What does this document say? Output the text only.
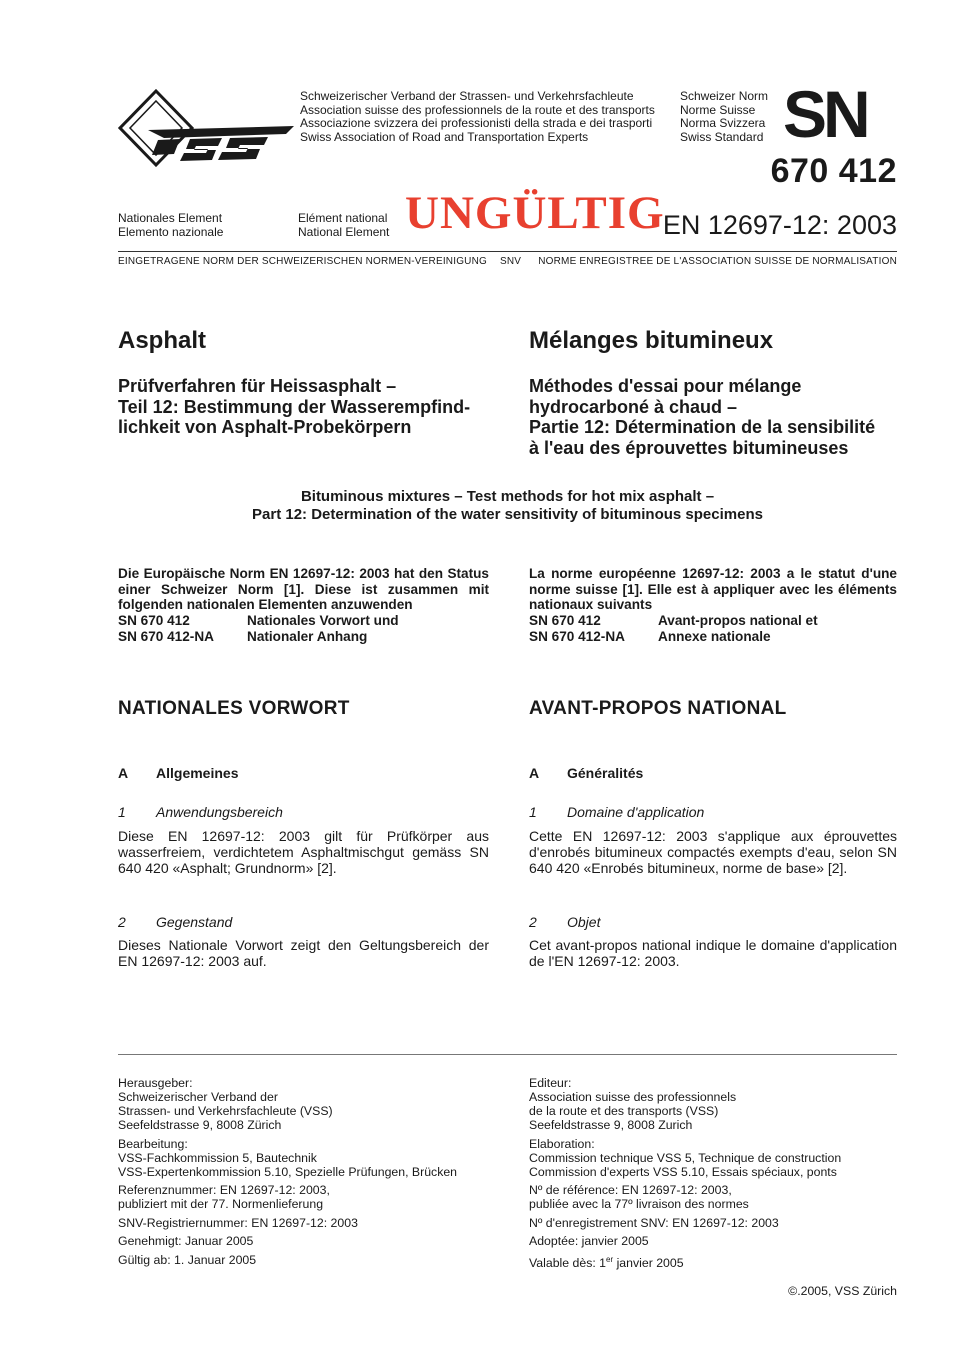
Schweizerischer Verband der Strassen- und Verkehrsfachleute
Association suisse des professionnels de la route et des transports
Associazione svizzera dei professionisti della strada e dei trasporti
Swiss Association of Road and Transportation Experts
Schweizer Norm
Norme Suisse
Norma Svizzera
Swiss Standard SN
670 412
Nationales Element
Elemento nazionale
Elément national
National Element UNGÜLTIG
EN 12697-12: 2003
EINGETRAGENE NORM DER SCHWEIZERISCHEN NORMEN-VEREINIGUNG SNV NORME ENREGISTREE DE L'ASSOCIATION SUISSE DE NORMALISATION
Asphalt	Mélanges bitumineux
Prüfverfahren für Heissasphalt –
Teil 12: Bestimmung der Wasserempfind-
lichkeit von Asphalt-Probekörpern
Méthodes d'essai pour mélange
hydrocarboné à chaud –
Partie 12: Détermination de la sensibilité
à l'eau des éprouvettes bitumineuses
Bituminous mixtures – Test methods for hot mix asphalt –
Part 12: Determination of the water sensitivity of bituminous specimens
Die Europäische Norm EN 12697-12: 2003 hat den Status einer Schweizer Norm [1]. Diese ist zusammen mit folgenden nationalen Elementen anzuwenden
SN 670 412	Nationales Vorwort und
SN 670 412-NA	Nationaler Anhang
La norme européenne 12697-12: 2003 a le statut d'une norme suisse [1]. Elle est à appliquer avec les éléments nationaux suivants
SN 670 412	Avant-propos national et
SN 670 412-NA	Annexe nationale
NATIONALES VORWORT	AVANT-PROPOS NATIONAL
A Allgemeines	A Généralités
1 Anwendungsbereich	1 Domaine d'application
Diese EN 12697-12: 2003 gilt für Prüfkörper aus wasserfreiem, verdichtetem Asphaltmischgut gemäss SN 640 420 «Asphalt; Grundnorm» [2].
Cette EN 12697-12: 2003 s'applique aux éprouvettes d'enrobés bitumineux compactés exempts d'eau, selon SN 640 420 «Enrobés bitumineux, norme de base» [2].
2 Gegenstand	2 Objet
Dieses Nationale Vorwort zeigt den Geltungsbereich der EN 12697-12: 2003 auf.
Cet avant-propos national indique le domaine d'application de l'EN 12697-12: 2003.

Herausgeber:
Schweizerischer Verband der
Strassen- und Verkehrsfachleute (VSS)
Seefeldstrasse 9, 8008 Zürich

Bearbeitung:
VSS-Fachkommission 5, Bautechnik
VSS-Expertenkommission 5.10, Spezielle Prüfungen, Brücken

Referenznummer: EN 12697-12: 2003,
publiziert mit der 77. Normenlieferung

SNV-Registriernummer: EN 12697-12: 2003

Genehmigt: Januar 2005

Gültig ab: 1. Januar 2005

Editeur:
Association suisse des professionnels
de la route et des transports (VSS)
Seefeldstrasse 9, 8008 Zurich

Elaboration:
Commission technique VSS 5, Technique de construction
Commission d'experts VSS 5.10, Essais spéciaux, ponts

Nº de référence: EN 12697-12: 2003,
publiée avec la 77º livraison des normes

Nº d'enregistrement SNV: EN 12697-12: 2003

Adoptée: janvier 2005

Valable dès: 1er janvier 2005

©.2005, VSS Zürich
